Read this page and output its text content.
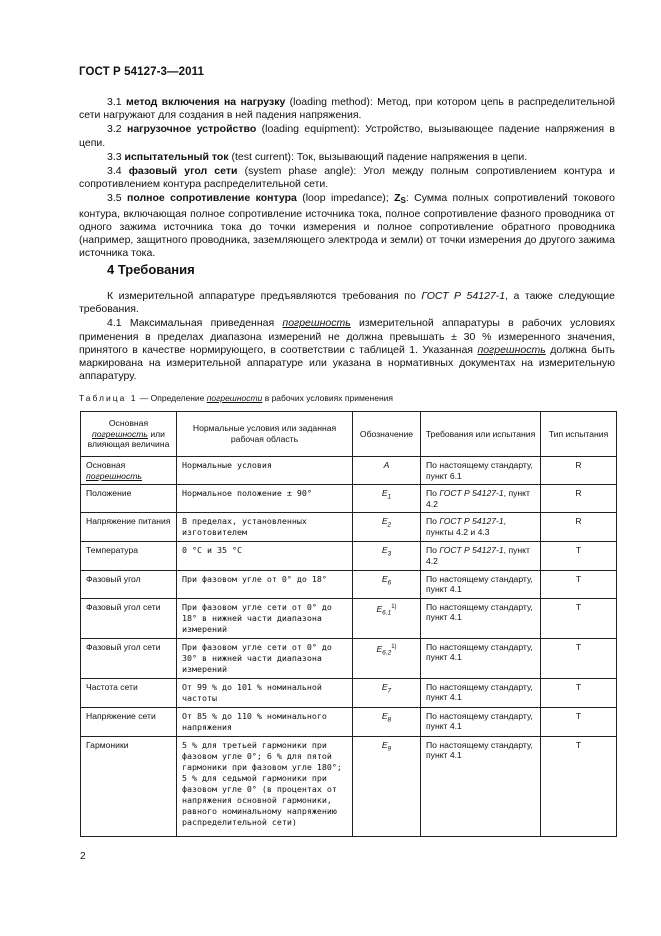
ГОСТ Р 54127-3—2011

3.1 метод включения на нагрузку (loading method): Метод, при котором цепь в распределительной сети нагружают для создания в ней падения напряжения.

3.2 нагрузочное устройство (loading equipment): Устройство, вызывающее падение напряжения в цепи.

3.3 испытательный ток (test current): Ток, вызывающий падение напряжения в цепи.

3.4 фазовый угол сети (system phase angle): Угол между полным сопротивлением контура и сопротивлением контура распределительной сети.

3.5 полное сопротивление контура (loop impedance); $Z_S$: Сумма полных сопротивлений токового контура, включающая полное сопротивление источника тока, полное сопротивление фазного проводника от одного зажима источника тока до точки измерения и полное сопротивление обратного проводника (например, защитного проводника, заземляющего электрода и земли) от точки измерения до другого зажима источника тока.

4 Требования

К измерительной аппаратуре предъявляются требования по ГОСТ Р 54127-1, а также следующие требования.

4.1 Максимальная приведенная погрешность измерительной аппаратуры в рабочих условиях применения в пределах диапазона измерений не должна превышать ± 30 % измеренного значения, принятого в качестве нормирующего, в соответствии с таблицей 1. Указанная погрешность должна быть маркирована на измерительной аппаратуре или указана в нормативных документах на измерительную аппаратуру.

Таблица 1 — Определение погрешности в рабочих условиях применения
Основная
погрешность или влияющая величина	Нормальные условия или заданная рабочая область	Обозначение	Требования или испытания	Тип испытания
Основная
погрешность	Нормальные условия	A	По настоящему стандарту, пункт 6.1	R
Положение	Нормальное положение ± 90°	$E_1$	По ГОСТ Р 54127-1, пункт 4.2	R
Напряжение питания	В пределах, установленных изготовителем	$E_2$	По ГОСТ Р 54127-1, пункты 4.2 и 4.3	R
Температура	0 °C и 35 °C	$E_3$	По ГОСТ Р 54127-1, пункт 4.2	T
Фазовый угол	При фазовом угле от 0° до 18°	$E_6$	По настоящему стандарту, пункт 4.1	T
Фазовый угол сети	При фазовом угле сети от 0° до 18° в нижней части диапазона измерений	$E_{6.1}^{1)}$	По настоящему стандарту, пункт 4.1	T
Фазовый угол сети	При фазовом угле сети от 0° до 30° в нижней части диапазона измерений	$E_{6.2}^{1)}$	По настоящему стандарту, пункт 4.1	T
Частота сети	От 99 % до 101 % номинальной частоты	$E_7$	По настоящему стандарту, пункт 4.1	T
Напряжение сети	От 85 % до 110 % номинального напряжения	$E_8$	По настоящему стандарту, пункт 4.1	T
Гармоники	5 % для третьей гармоники при фазовом угле 0°; 6 % для пятой гармоники при фазовом угле 180°; 5 % для седьмой гармоники при фазовом угле 0° (в процентах от напряжения основной гармоники, равного номинальному напряжению распределительной сети)	$E_9$	По настоящему стандарту, пункт 4.1	T
2
